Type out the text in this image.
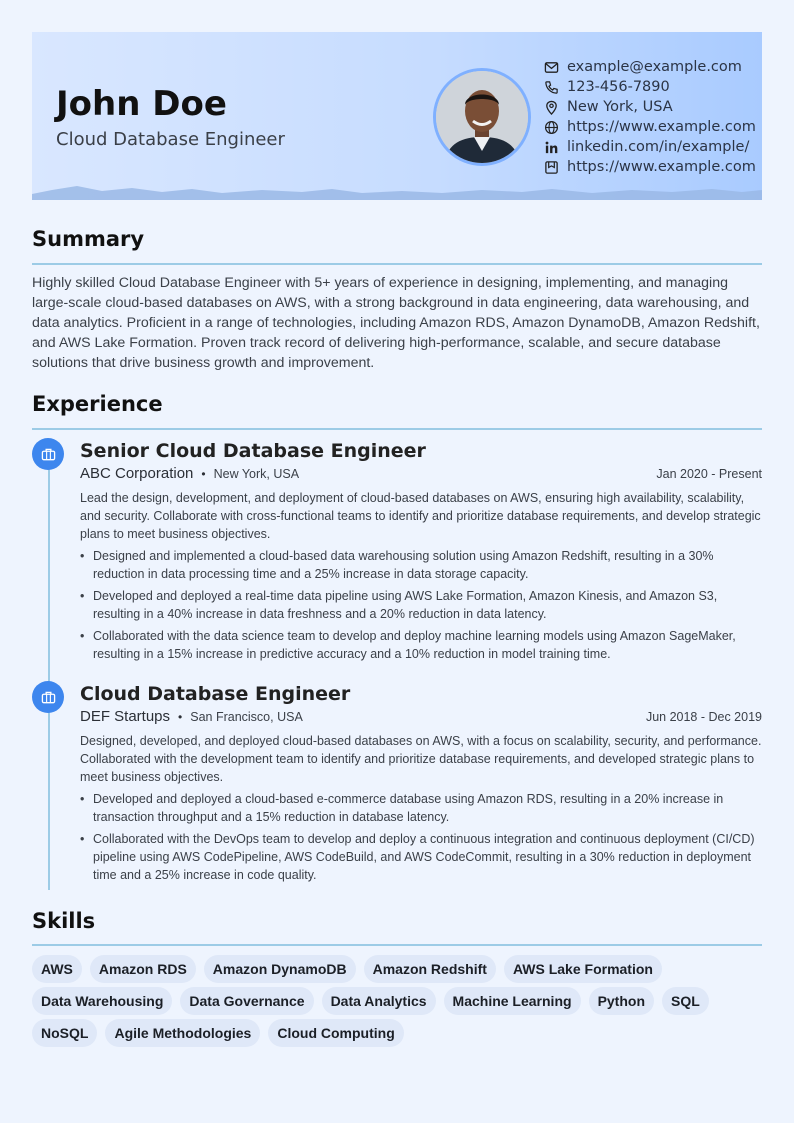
John Doe

Cloud Database Engineer

example@example.com
123-456-7890
New York, USA
https://www.example.com
linkedin.com/in/example/
https://www.example.com
Summary

Highly skilled Cloud Database Engineer with 5+ years of experience in designing, implementing, and managing large-scale cloud-based databases on AWS, with a strong background in data engineering, data warehousing, and data analytics. Proficient in a range of technologies, including Amazon RDS, Amazon DynamoDB, Amazon Redshift, and AWS Lake Formation. Proven track record of delivering high-performance, scalable, and secure database solutions that drive business growth and improvement.

Experience
Senior Cloud Database Engineer
ABC Corporation • New York, USA	Jan 2020 - Present

Lead the design, development, and deployment of cloud-based databases on AWS, ensuring high availability, scalability, and security. Collaborate with cross-functional teams to identify and prioritize database requirements, and develop strategic plans to meet business objectives.

• Designed and implemented a cloud-based data warehousing solution using Amazon Redshift, resulting in a 30% reduction in data processing time and a 25% increase in data storage capacity.
• Developed and deployed a real-time data pipeline using AWS Lake Formation, Amazon Kinesis, and Amazon S3, resulting in a 40% increase in data freshness and a 20% reduction in data latency.
• Collaborated with the data science team to develop and deploy machine learning models using Amazon SageMaker, resulting in a 15% increase in predictive accuracy and a 10% reduction in model training time.
Cloud Database Engineer
DEF Startups • San Francisco, USA	Jun 2018 - Dec 2019

Designed, developed, and deployed cloud-based databases on AWS, with a focus on scalability, security, and performance. Collaborated with the development team to identify and prioritize database requirements, and developed strategic plans to meet business objectives.

• Developed and deployed a cloud-based e-commerce database using Amazon RDS, resulting in a 20% increase in transaction throughput and a 15% reduction in database latency.
• Collaborated with the DevOps team to develop and deploy a continuous integration and continuous deployment (CI/CD) pipeline using AWS CodePipeline, AWS CodeBuild, and AWS CodeCommit, resulting in a 30% reduction in deployment time and a 25% increase in code quality.
Skills
AWS	Amazon RDS	Amazon DynamoDB	Amazon Redshift	AWS Lake Formation
Data Warehousing	Data Governance	Data Analytics	Machine Learning	Python	SQL
NoSQL	Agile Methodologies	Cloud Computing
